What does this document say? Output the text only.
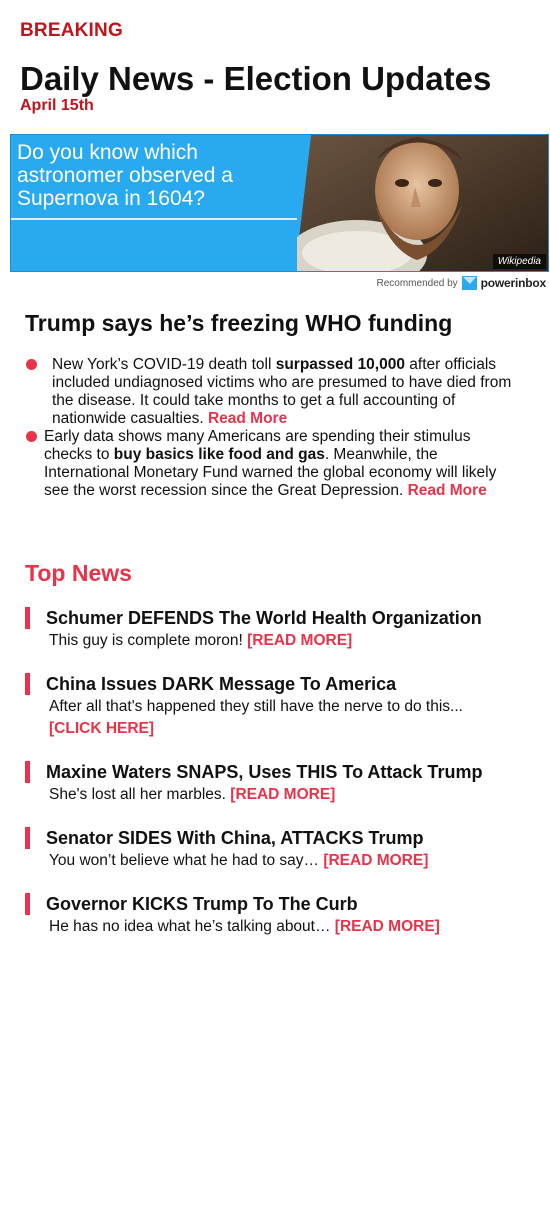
BREAKING
Daily News - Election Updates
April 15th
Do you know which astronomer observed a Supernova in 1604?
Wikipedia
Recommended by powerinbox
Trump says he’s freezing WHO funding
New York’s COVID-19 death toll surpassed 10,000 after officials included undiagnosed victims who are presumed to have died from the disease. It could take months to get a full accounting of nationwide casualties. Read More
Early data shows many Americans are spending their stimulus checks to buy basics like food and gas. Meanwhile, the International Monetary Fund warned the global economy will likely see the worst recession since the Great Depression. Read More
Top News
Schumer DEFENDS The World Health Organization
This guy is complete moron! [READ MORE]
China Issues DARK Message To America
After all that's happened they still have the nerve to do this... [CLICK HERE]
Maxine Waters SNAPS, Uses THIS To Attack Trump
She's lost all her marbles. [READ MORE]
Senator SIDES With China, ATTACKS Trump
You won’t believe what he had to say… [READ MORE]
Governor KICKS Trump To The Curb
He has no idea what he’s talking about… [READ MORE]
